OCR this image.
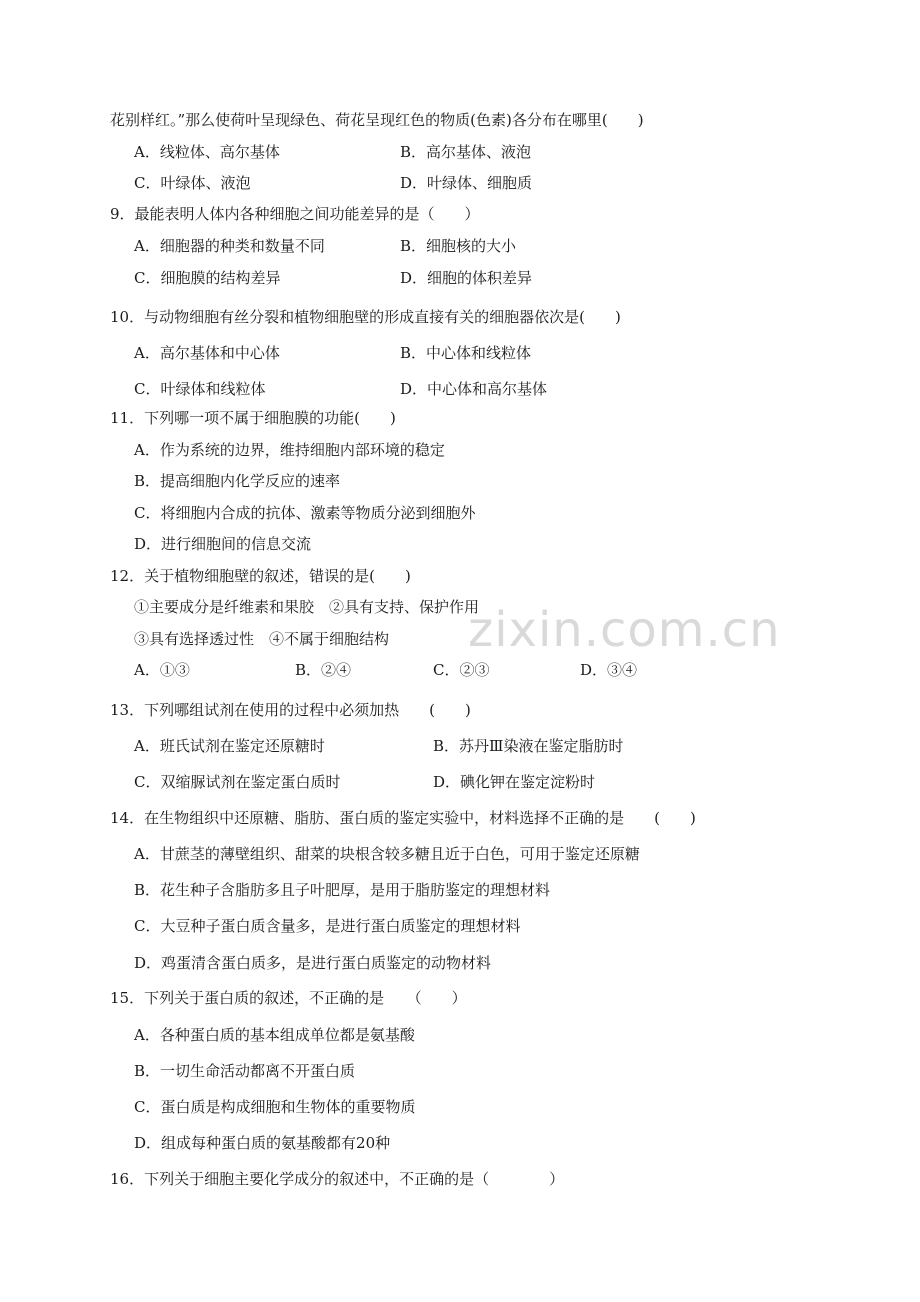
zixin.com.cn
花别样红。”那么使荷叶呈现绿色、荷花呈现红色的物质(色素)各分布在哪里(　　)
A．线粒体、高尔基体	B．高尔基体、液泡
C．叶绿体、液泡	D．叶绿体、细胞质
9．最能表明人体内各种细胞之间功能差异的是（　　）
A．细胞器的种类和数量不同	B．细胞核的大小
C．细胞膜的结构差异	D．细胞的体积差异
10．与动物细胞有丝分裂和植物细胞壁的形成直接有关的细胞器依次是(　　)
A．高尔基体和中心体	B．中心体和线粒体
C．叶绿体和线粒体	D．中心体和高尔基体
11．下列哪一项不属于细胞膜的功能(　　)
A．作为系统的边界，维持细胞内部环境的稳定
B．提高细胞内化学反应的速率
C．将细胞内合成的抗体、激素等物质分泌到细胞外
D．进行细胞间的信息交流
12．关于植物细胞壁的叙述，错误的是(　　)
①主要成分是纤维素和果胶　②具有支持、保护作用
③具有选择透过性　④不属于细胞结构
A．①③	B．②④	C．②③	D．③④
13．下列哪组试剂在使用的过程中必须加热　　(　　)
A．班氏试剂在鉴定还原糖时	B．苏丹Ⅲ染液在鉴定脂肪时
C．双缩脲试剂在鉴定蛋白质时	D．碘化钾在鉴定淀粉时
14．在生物组织中还原糖、脂肪、蛋白质的鉴定实验中，材料选择不正确的是　　(　　)
A．甘蔗茎的薄壁组织、甜菜的块根含较多糖且近于白色，可用于鉴定还原糖
B．花生种子含脂肪多且子叶肥厚，是用于脂肪鉴定的理想材料
C．大豆种子蛋白质含量多，是进行蛋白质鉴定的理想材料
D．鸡蛋清含蛋白质多，是进行蛋白质鉴定的动物材料
15．下列关于蛋白质的叙述，不正确的是　　（　　）
A．各种蛋白质的基本组成单位都是氨基酸
B．一切生命活动都离不开蛋白质
C．蛋白质是构成细胞和生物体的重要物质
D．组成每种蛋白质的氨基酸都有20种
16．下列关于细胞主要化学成分的叙述中，不正确的是（　　　　）
